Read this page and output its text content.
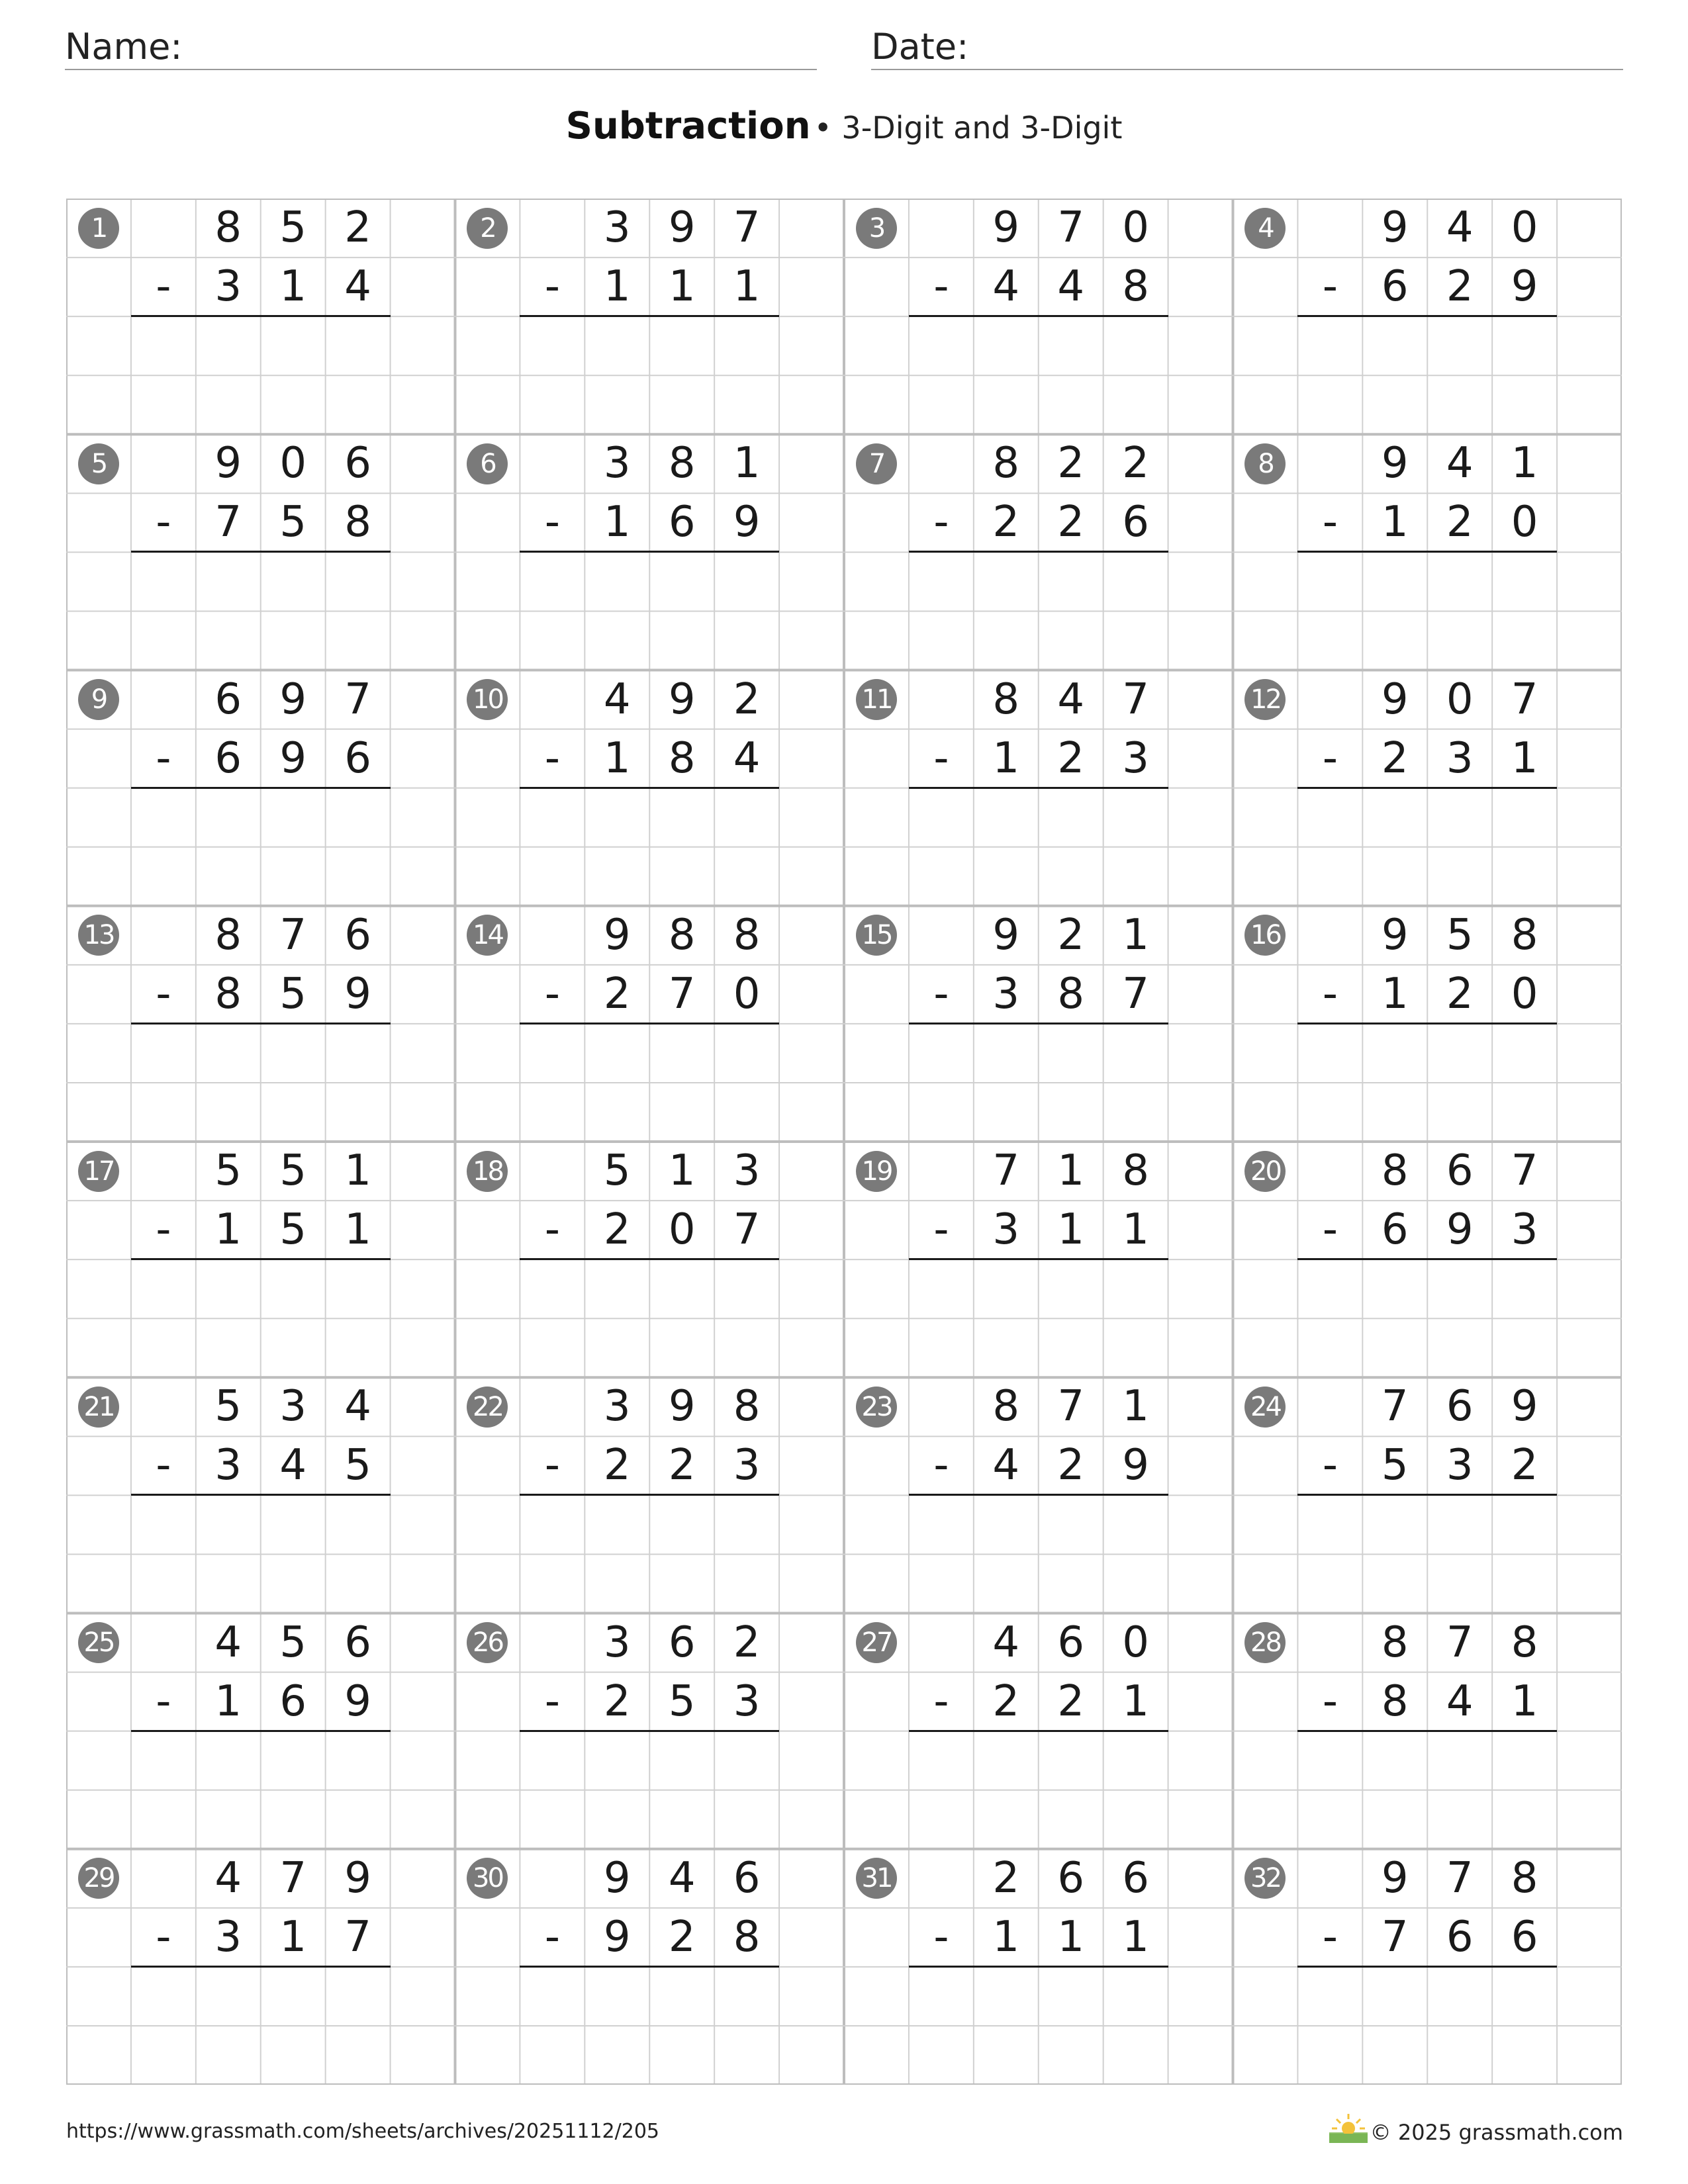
Name:	Date:
Subtraction • 3-Digit and 3-Digit
1	8 5 2
-	3 1 4
2	3 9 7
-	1 1 1
3	9 7 0
-	4 4 8
4	9 4 0
-	6 2 9
5	9 0 6
-	7 5 8
6	3 8 1
-	1 6 9
7	8 2 2
-	2 2 6
8	9 4 1
-	1 2 0
9	6 9 7
-	6 9 6
10	4 9 2
-	1 8 4
11	8 4 7
-	1 2 3
12	9 0 7
-	2 3 1
13	8 7 6
-	8 5 9
14	9 8 8
-	2 7 0
15	9 2 1
-	3 8 7
16	9 5 8
-	1 2 0
17	5 5 1
-	1 5 1
18	5 1 3
-	2 0 7
19	7 1 8
-	3 1 1
20	8 6 7
-	6 9 3
21	5 3 4
-	3 4 5
22	3 9 8
-	2 2 3
23	8 7 1
-	4 2 9
24	7 6 9
-	5 3 2
25	4 5 6
-	1 6 9
26	3 6 2
-	2 5 3
27	4 6 0
-	2 2 1
28	8 7 8
-	8 4 1
29	4 7 9
-	3 1 7
30	9 4 6
-	9 2 8
31	2 6 6
-	1 1 1
32	9 7 8
-	7 6 6
https://www.grassmath.com/sheets/archives/20251112/205	© 2025 grassmath.com
